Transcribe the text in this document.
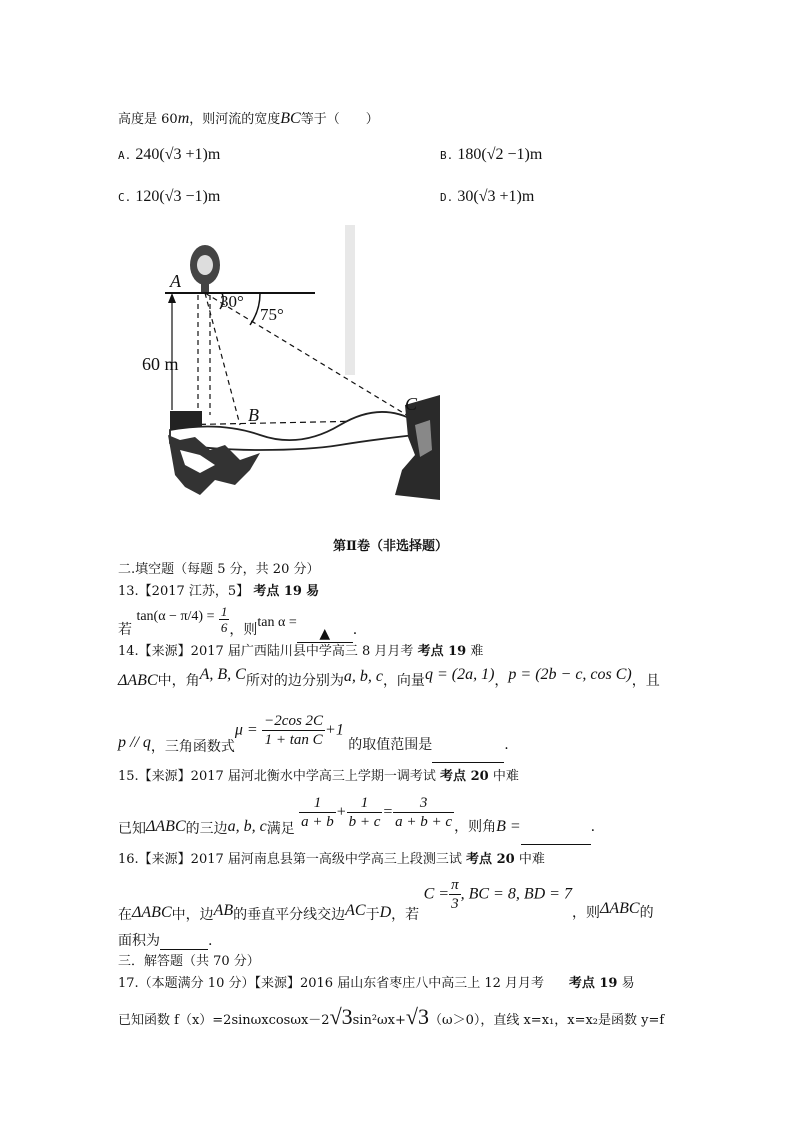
高度是 60m，则河流的宽度BC等于（　　）
A. 240(√3 +1)m	B. 180(√2 −1)m
C. 120(√3 −1)m	D. 30(√3 +1)m
A
30°
75°
60 m
B
C
第Ⅱ卷（非选择题）
二.填空题（每题 5 分，共 20 分）
13.【2017 江苏，5】 考点 19 易
若 $\tan(\alpha - \pi/4) = \frac{1}{6}$ ，则tan α =▲ .
14.【来源】2017 届广西陆川县中学高三 8 月月考 考点 19 难
ΔABC中，角A, B, C所对的边分别为a, b, c，向量q = (2a, 1)，p = (2b − c, cos C)，且
p // q，三角函数式$\mu = \frac{-2\cos 2C}{\text{1 + tan C}} +1$ 的取值范围是	.
15.【来源】2017 届河北衡水中学高三上学期一调考试 考点 20 中难
已知ΔABC的三边a, b, c满足 $\frac{1}{a + b} + \frac{1}{b + c} = \frac{3}{a + b + c}$ ，则角B =	.
16.【来源】2017 届河南息县第一高级中学高三上段测三试 考点 20 中难
在ΔABC中，边AB的垂直平分线交边AC于D，若 $C = \frac{\pi}{3}$ , BC = 8, BD = 7，则ΔABC的
面积为	.
三．解答题（共 70 分）
17.（本题满分 10 分）【来源】2016 届山东省枣庄八中高三上 12 月月考 考点 19 易
已知函数 f（x）=2sinωxcosωx－2√3sin²ωx+√3（ω＞0），直线 x=x₁，x=x₂是函数 y=f
